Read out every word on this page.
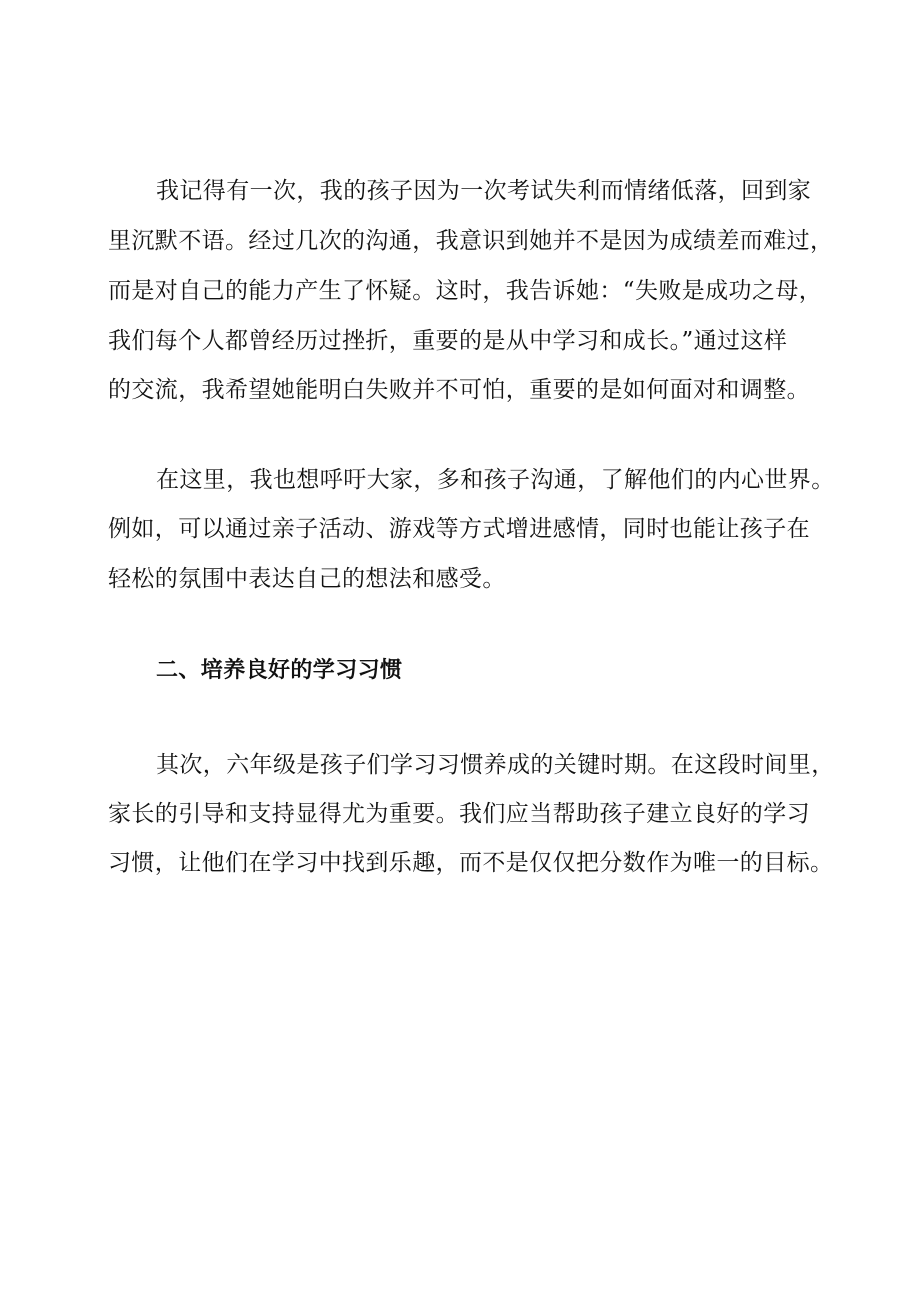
我记得有一次，我的孩子因为一次考试失利而情绪低落，回到家
里沉默不语。经过几次的沟通，我意识到她并不是因为成绩差而难过，
而是对自己的能力产生了怀疑。这时，我告诉她：“失败是成功之母，
我们每个人都曾经历过挫折，重要的是从中学习和成长。”通过这样
的交流，我希望她能明白失败并不可怕，重要的是如何面对和调整。
在这里，我也想呼吁大家，多和孩子沟通，了解他们的内心世界。
例如，可以通过亲子活动、游戏等方式增进感情，同时也能让孩子在
轻松的氛围中表达自己的想法和感受。
二、培养良好的学习习惯
其次，六年级是孩子们学习习惯养成的关键时期。在这段时间里，
家长的引导和支持显得尤为重要。我们应当帮助孩子建立良好的学习
习惯，让他们在学习中找到乐趣，而不是仅仅把分数作为唯一的目标。
